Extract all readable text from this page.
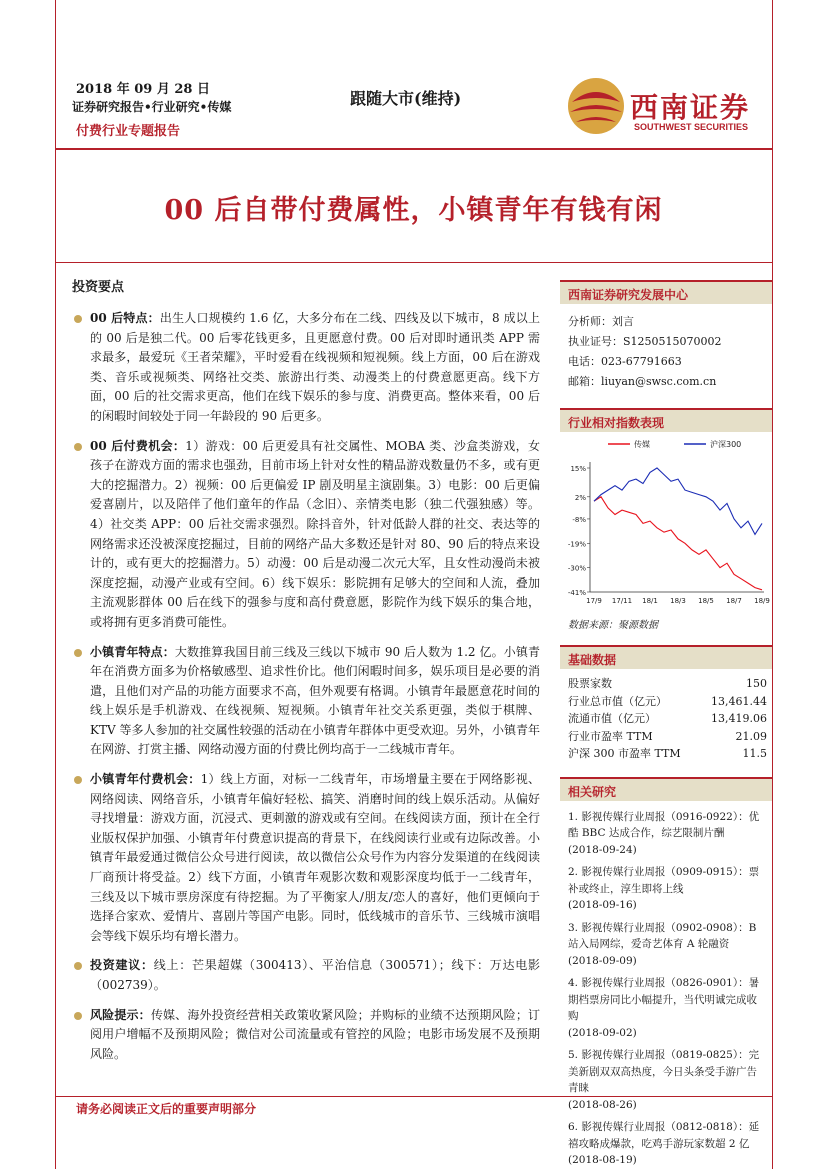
2018 年 09 月 28 日
证券研究报告•行业研究•传媒
付费行业专题报告
跟随大市(维持)	西南证券
SOUTHWEST SECURITIES
00 后自带付费属性，小镇青年有钱有闲
投资要点
00 后特点：出生人口规模约 1.6 亿，大多分布在二线、四线及以下城市，8 成以上的 00 后是独二代。00 后零花钱更多，且更愿意付费。00 后对即时通讯类 APP 需求最多，最爱玩《王者荣耀》，平时爱看在线视频和短视频。线上方面，00 后在游戏类、音乐或视频类、网络社交类、旅游出行类、动漫类上的付费意愿更高。线下方面，00 后的社交需求更高，他们在线下娱乐的参与度、消费更高。整体来看，00 后的闲暇时间较处于同一年龄段的 90 后更多。
00 后付费机会：1）游戏：00 后更爱具有社交属性、MOBA 类、沙盒类游戏，女孩子在游戏方面的需求也强劲，目前市场上针对女性的精品游戏数量仍不多，或有更大的挖掘潜力。2）视频：00 后更偏爱 IP 剧及明星主演剧集。3）电影：00 后更偏爱喜剧片，以及陪伴了他们童年的作品（念旧）、亲情类电影（独二代强独感）等。4）社交类 APP：00 后社交需求强烈。除抖音外，针对低龄人群的社交、表达等的网络需求还没被深度挖掘过，目前的网络产品大多数还是针对 80、90 后的特点来设计的，或有更大的挖掘潜力。5）动漫：00 后是动漫二次元大军，且女性动漫尚未被深度挖掘，动漫产业或有空间。6）线下娱乐：影院拥有足够大的空间和人流，叠加主流观影群体 00 后在线下的强参与度和高付费意愿，影院作为线下娱乐的集合地，或将拥有更多消费可能性。
小镇青年特点：大数推算我国目前三线及三线以下城市 90 后人数为 1.2 亿。小镇青年在消费方面多为价格敏感型、追求性价比。他们闲暇时间多，娱乐项目是必要的消遣，且他们对产品的功能方面要求不高，但外观要有格调。小镇青年最愿意花时间的线上娱乐是手机游戏、在线视频、短视频。小镇青年社交关系更强，类似于棋牌、KTV 等多人参加的社交属性较强的活动在小镇青年群体中更受欢迎。另外，小镇青年在网游、打赏主播、网络动漫方面的付费比例均高于一二线城市青年。
小镇青年付费机会：1）线上方面，对标一二线青年，市场增量主要在于网络影视、网络阅读、网络音乐，小镇青年偏好轻松、搞笑、消磨时间的线上娱乐活动。从偏好寻找增量：游戏方面，沉浸式、更刺激的游戏或有空间。在线阅读方面，预计在全行业版权保护加强、小镇青年付费意识提高的背景下，在线阅读行业或有边际改善。小镇青年最爱通过微信公众号进行阅读，故以微信公众号作为内容分发渠道的在线阅读厂商预计将受益。2）线下方面，小镇青年观影次数和观影深度均低于一二线青年，三线及以下城市票房深度有待挖掘。为了平衡家人/朋友/恋人的喜好，他们更倾向于选择合家欢、爱情片、喜剧片等国产电影。同时，低线城市的音乐节、三线城市演唱会等线下娱乐均有增长潜力。
投资建议：线上：芒果超媒（300413）、平治信息（300571）；线下：万达电影（002739）。
风险提示：传媒、海外投资经营相关政策收紧风险；并购标的业绩不达预期风险；订阅用户增幅不及预期风险；微信对公司流量或有管控的风险；电影市场发展不及预期风险。
西南证券研究发展中心
分析师：刘言
执业证号：S1250515070002
电话：023-67791663
邮箱：liuyan@swsc.com.cn
行业相对指数表现
传媒	沪深300
15%
2%
-8%
-19%
-30%
-41%
17/9 17/11 18/1 18/3 18/5 18/7 18/9
数据来源：聚源数据
基础数据
股票家数	150
行业总市值（亿元）	13,461.44
流通市值（亿元）	13,419.06
行业市盈率 TTM	21.09
沪深 300 市盈率 TTM	11.5
相关研究
1. 影视传媒行业周报（0916-0922）：优酷 BBC 达成合作，综艺限制片酬
(2018-09-24)
2. 影视传媒行业周报（0909-0915）：票补或终止，淳生即将上线
(2018-09-16)
3. 影视传媒行业周报（0902-0908）：B 站入局网综，爱奇艺体育 A 轮融资
(2018-09-09)
4. 影视传媒行业周报（0826-0901）：暑期档票房同比小幅提升，当代明诚完成收购
(2018-09-02)
5. 影视传媒行业周报（0819-0825）：完美新剧双双高热度，今日头条受手游广告青睐
(2018-08-26)
6. 影视传媒行业周报（0812-0818）：延禧攻略成爆款，吃鸡手游玩家数超 2 亿
(2018-08-19)
请务必阅读正文后的重要声明部分
